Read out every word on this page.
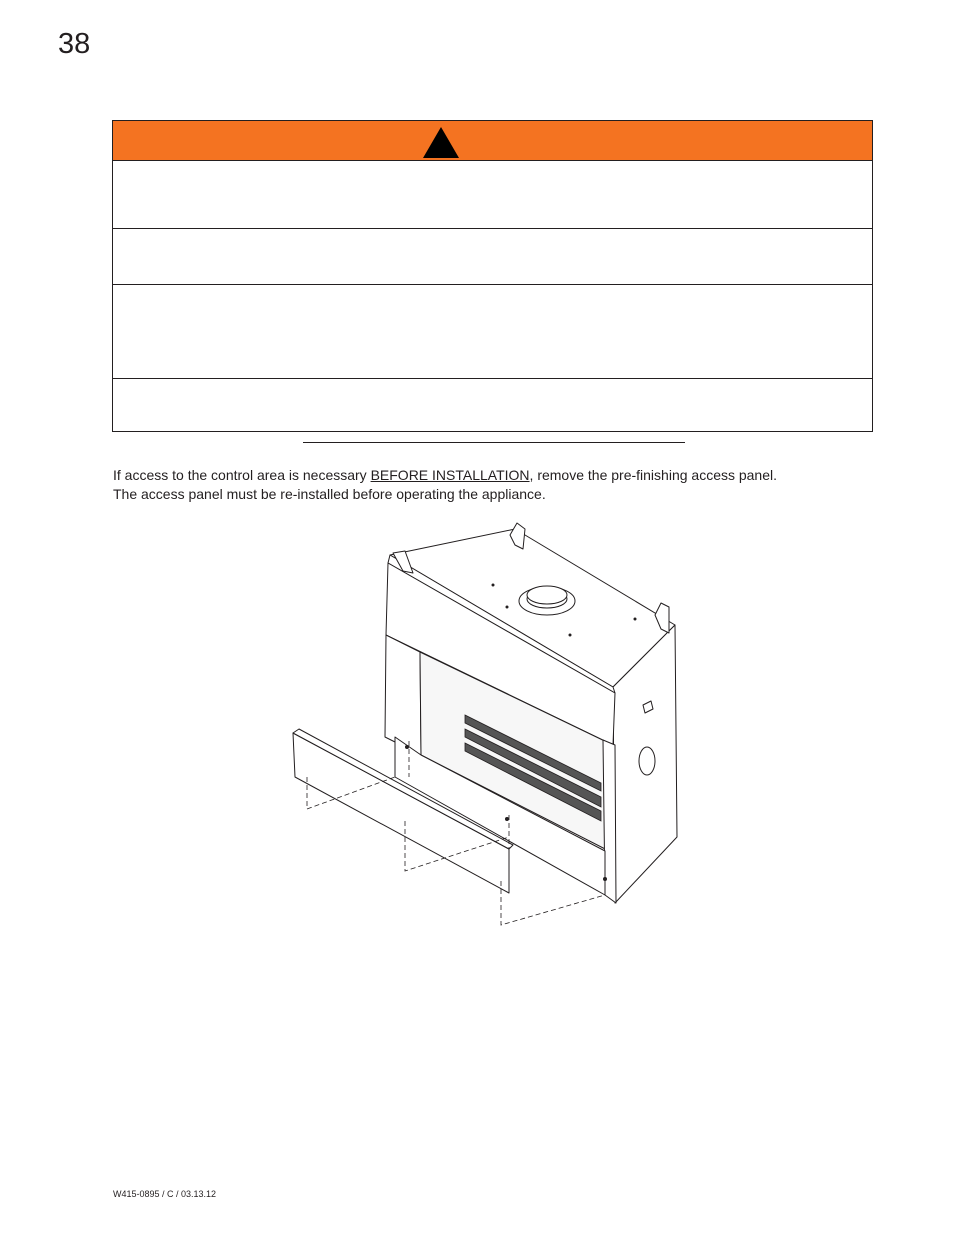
38

If access to the control area is necessary BEFORE INSTALLATION, remove the pre-finishing access panel.

The access panel must be re-installed before operating the appliance.

W415-0895 / C / 03.13.12
